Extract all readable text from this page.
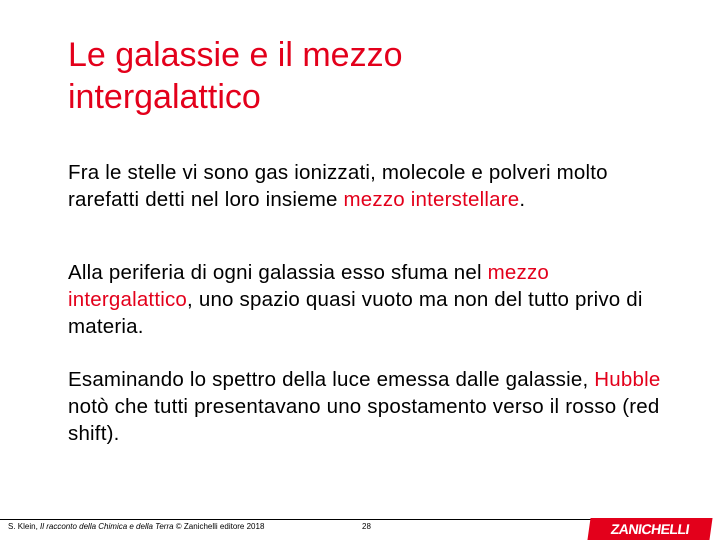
Le galassie e il mezzo
intergalattico

Fra le stelle vi sono gas ionizzati, molecole e polveri molto rarefatti detti nel loro insieme mezzo interstellare.

Alla periferia di ogni galassia esso sfuma nel mezzo intergalattico, uno spazio quasi vuoto ma non del tutto privo di materia.

Esaminando lo spettro della luce emessa dalle galassie, Hubble notò che tutti presentavano uno spostamento verso il rosso (red shift).

S. Klein, Il racconto della Chimica e della Terra © Zanichelli editore 2018	28	ZANICHELLI
